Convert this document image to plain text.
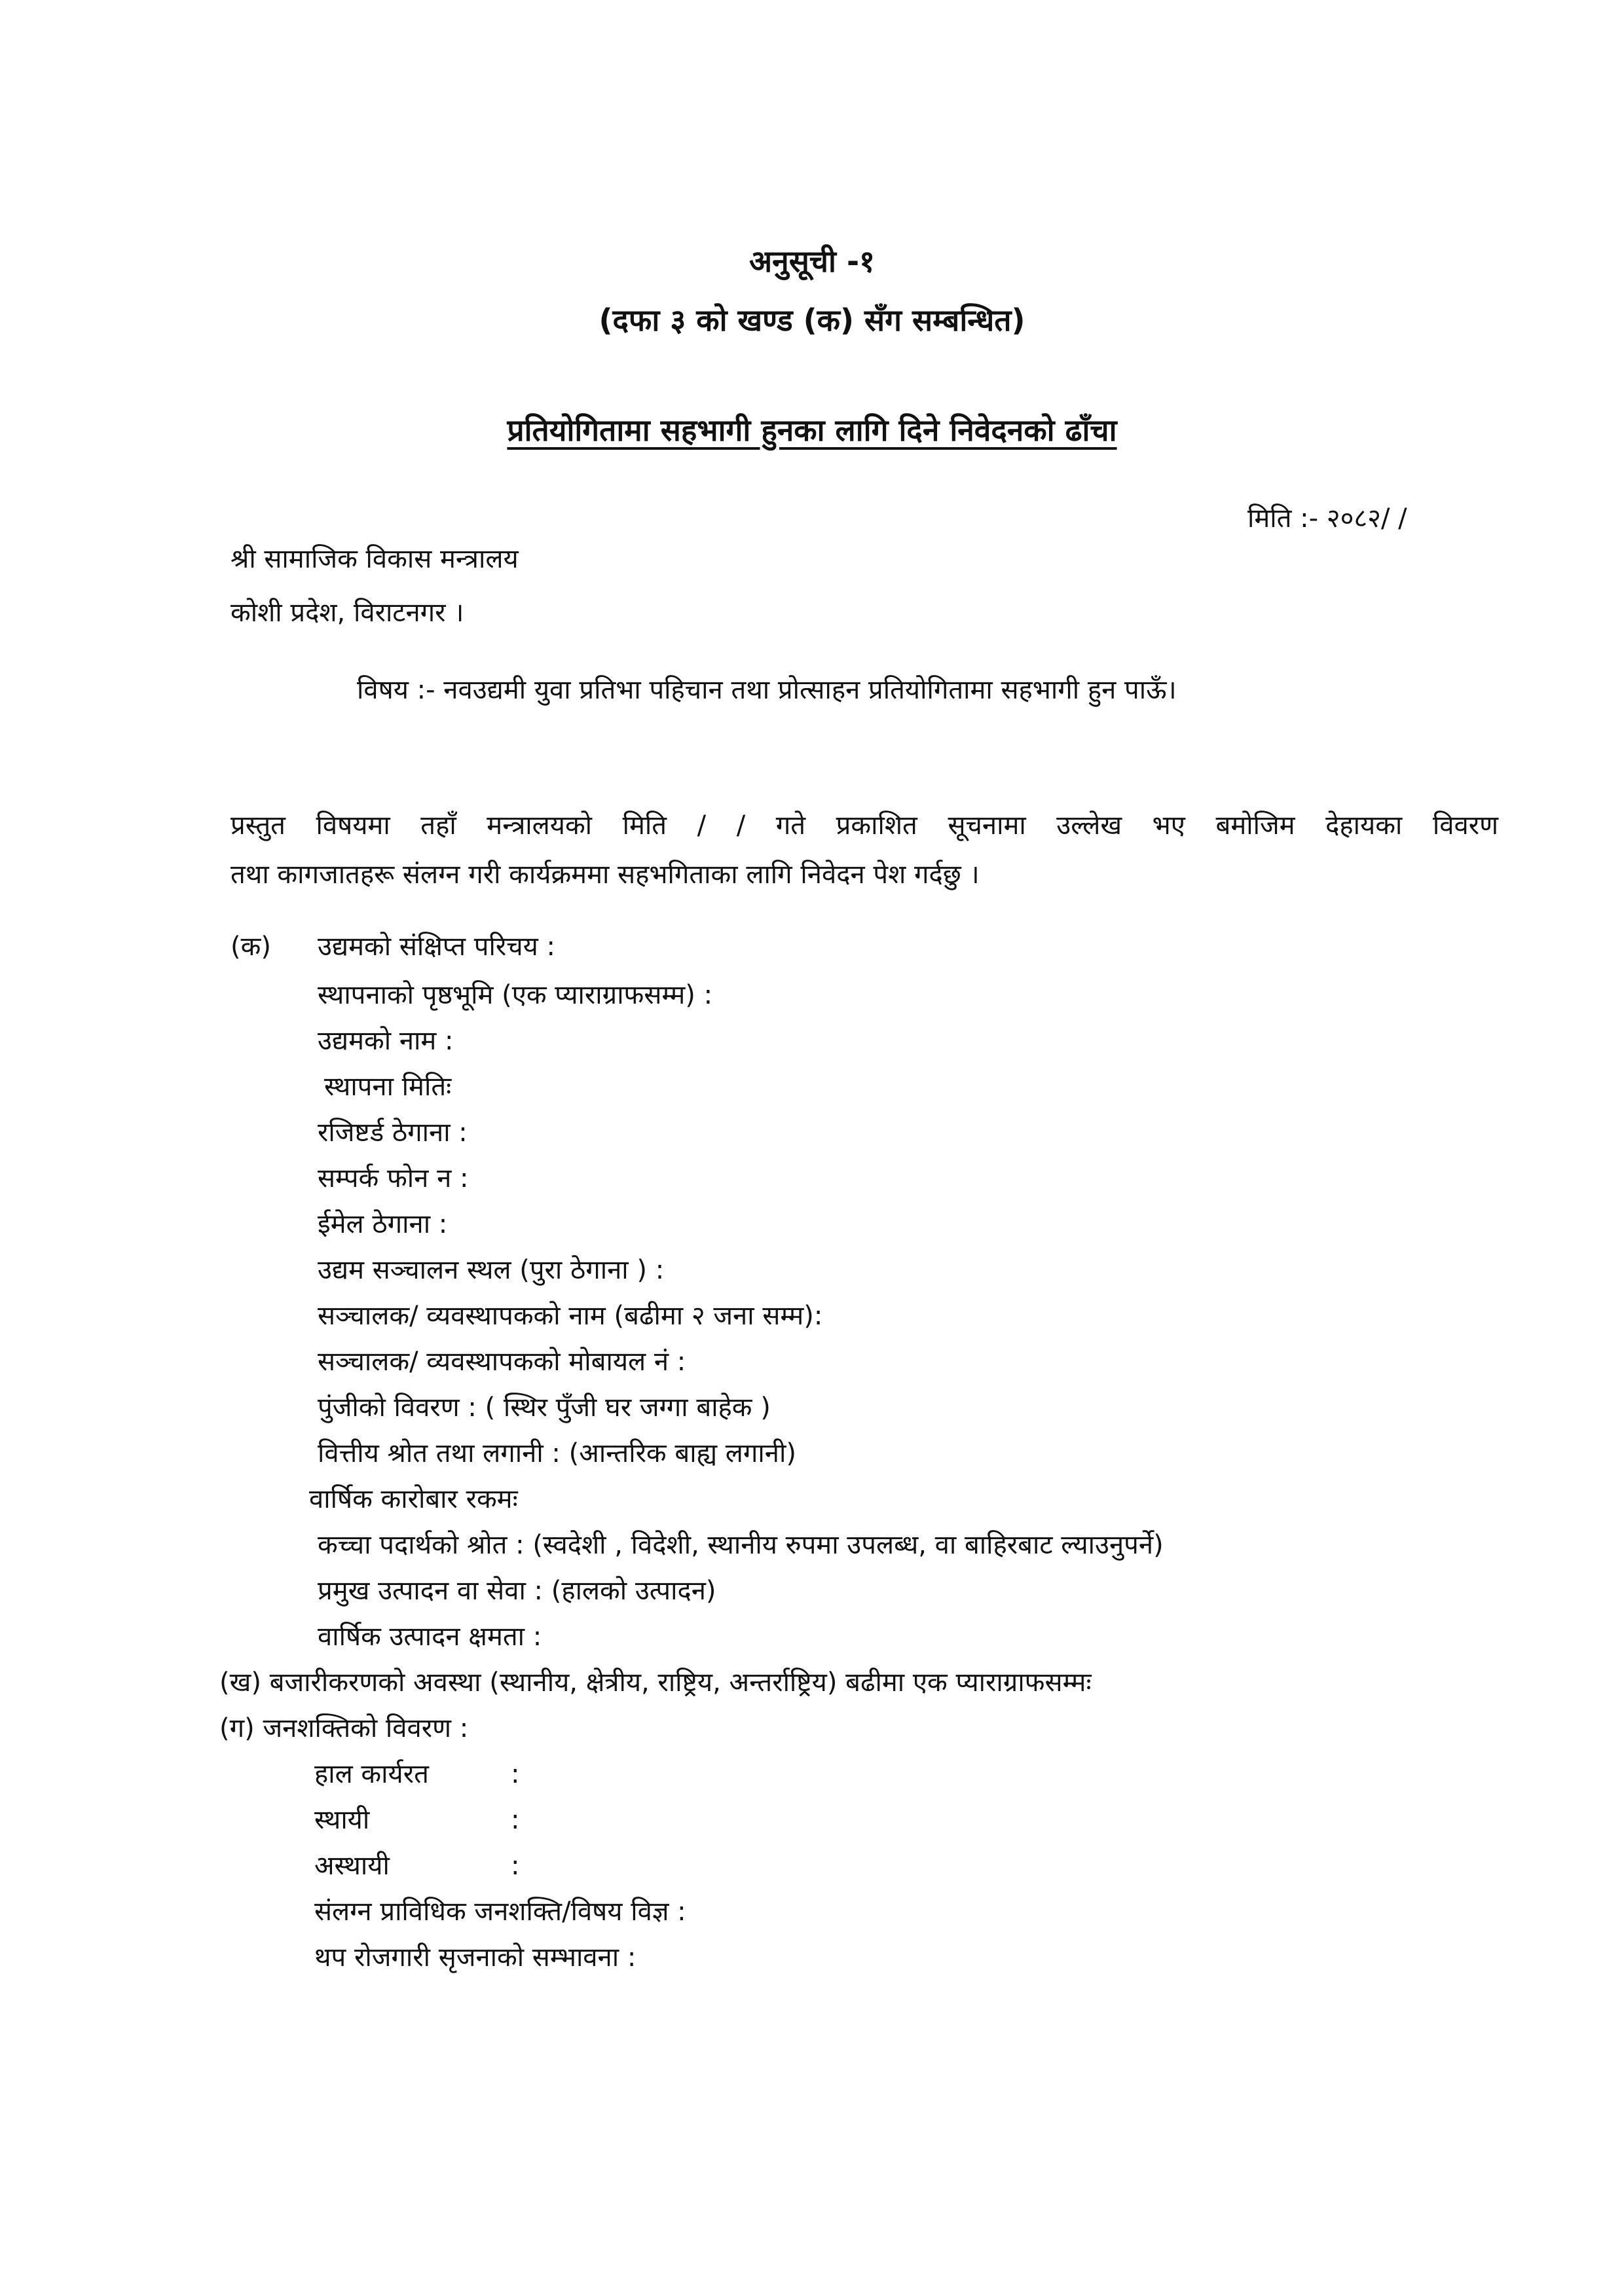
अनुसूची -१
(दफा ३ को खण्ड (क) सँग सम्बन्धित)
प्रतियोगितामा सहभागी हुनका लागि दिने निवेदनको ढाँचा
मिति :- २०८२/ /
श्री सामाजिक विकास मन्त्रालय
कोशी प्रदेश, विराटनगर ।
विषय :- नवउद्यमी युवा प्रतिभा पहिचान तथा प्रोत्साहन प्रतियोगितामा सहभागी हुन पाऊँ।
प्रस्तुत विषयमा तहाँ मन्त्रालयको मिति / / गते प्रकाशित सूचनामा उल्लेख भए बमोजिम देहायका विवरण
तथा कागजातहरू संलग्न गरी कार्यक्रममा सहभगिताका लागि निवेदन पेश गर्दछु ।
(क) उद्यमको संक्षिप्त परिचय :
स्थापनाको पृष्ठभूमि (एक प्याराग्राफसम्म) :
उद्यमको नाम :
स्थापना मितिः
रजिष्टर्ड ठेगाना :
सम्पर्क फोन न :
ईमेल ठेगाना :
उद्यम सञ्चालन स्थल (पुरा ठेगाना ) :
सञ्चालक/ व्यवस्थापकको नाम (बढीमा २ जना सम्म):
सञ्चालक/ व्यवस्थापकको मोबायल नं :
पुंजीको विवरण : ( स्थिर पुँजी घर जग्गा बाहेक )
वित्तीय श्रोत तथा लगानी : (आन्तरिक बाह्य लगानी)
वार्षिक कारोबार रकमः
कच्चा पदार्थको श्रोत : (स्वदेशी , विदेशी, स्थानीय रुपमा उपलब्ध, वा बाहिरबाट ल्याउनुपर्ने)
प्रमुख उत्पादन वा सेवा : (हालको उत्पादन)
वार्षिक उत्पादन क्षमता :
(ख) बजारीकरणको अवस्था (स्थानीय, क्षेत्रीय, राष्ट्रिय, अन्तर्राष्ट्रिय) बढीमा एक प्याराग्राफसम्मः
(ग) जनशक्तिको विवरण :
हाल कार्यरत	:
स्थायी	:
अस्थायी	:
संलग्न प्राविधिक जनशक्ति/विषय विज्ञ :
थप रोजगारी सृजनाको सम्भावना :
